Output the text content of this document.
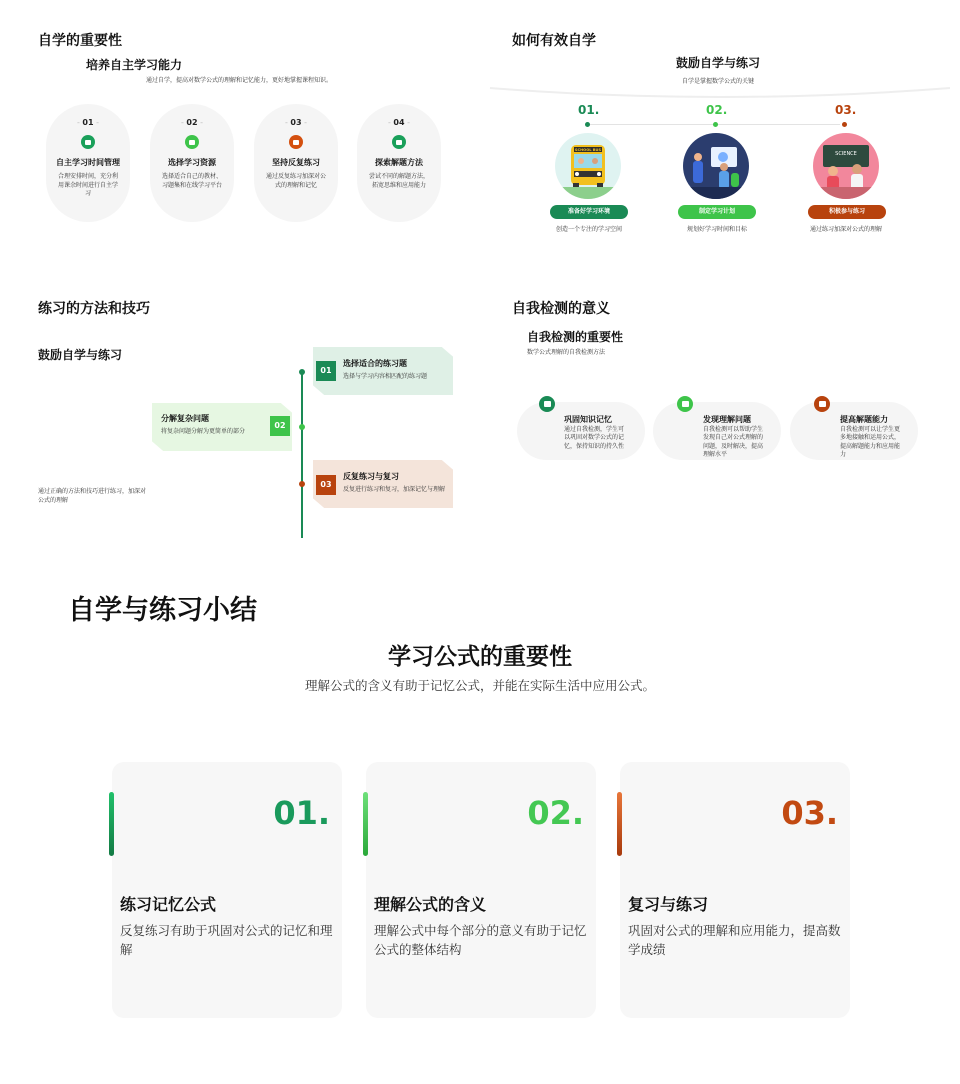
自学的重要性
培养自主学习能力
通过自学，提高对数学公式的理解和记忆能力，更好地掌握课程知识。
- 01 -
自主学习时间管理
合理安排时间，充分利用课余时间进行自主学习
- 02 -
选择学习资源
选择适合自己的教材、习题集和在线学习平台
- 03 -
坚持反复练习
通过反复练习加深对公式的理解和记忆
- 04 -
探索解题方法
尝试不同的解题方法，拓宽思维和应用能力
如何有效自学
鼓励自学与练习
自学是掌握数学公式的关键
01.
SCHOOL BUS
准备好学习环境
创造一个专注的学习空间
02.
制定学习计划
规划好学习时间和目标
03.
SCIENCE
积极参与练习
通过练习加深对公式的理解
练习的方法和技巧
鼓励自学与练习
通过正确的方法和技巧进行练习，加深对公式的理解
01
选择适合的练习题
选择与学习内容相匹配的练习题
02
分解复杂问题
将复杂问题分解为更简单的部分
03
反复练习与复习
反复进行练习和复习，加深记忆与理解
自我检测的意义
自我检测的重要性
数学公式理解的自我检测方法
巩固知识记忆
通过自我检测，学生可以巩固对数学公式的记忆，保持知识的持久性
发现理解问题
自我检测可以帮助学生发现自己对公式理解的问题，及时解决，提高理解水平
提高解题能力
自我检测可以让学生更多地接触和运用公式，提高解题能力和应用能力
自学与练习小结
学习公式的重要性
理解公式的含义有助于记忆公式，并能在实际生活中应用公式。
01.
练习记忆公式
反复练习有助于巩固对公式的记忆和理解
02.
理解公式的含义
理解公式中每个部分的意义有助于记忆公式的整体结构
03.
复习与练习
巩固对公式的理解和应用能力，提高数学成绩
